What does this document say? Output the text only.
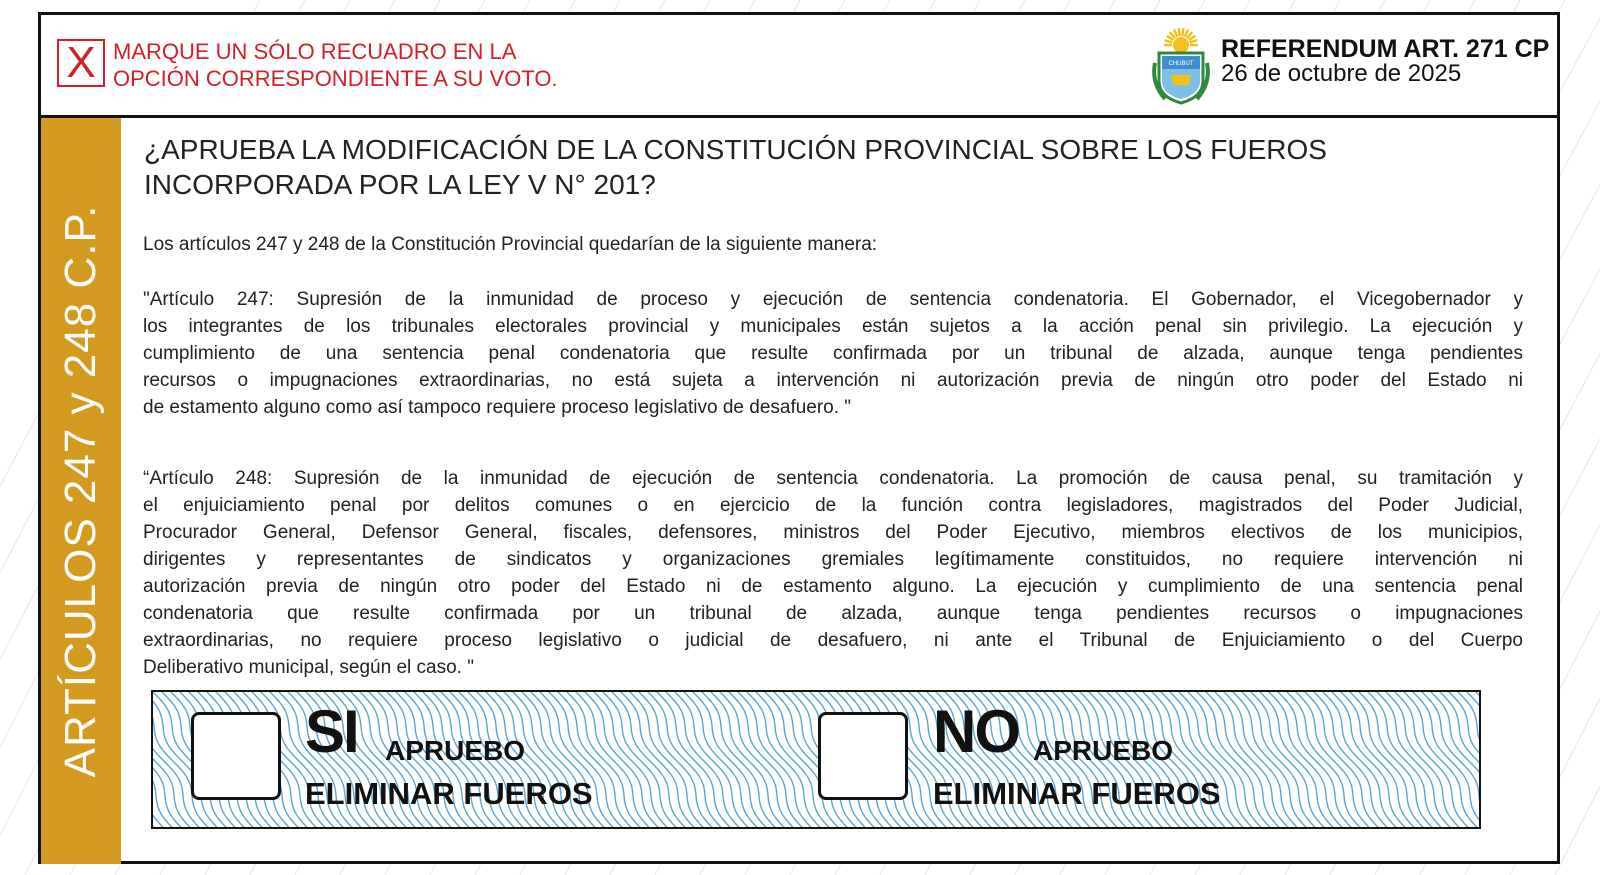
X MARQUE UN SÓLO RECUADRO EN LA
OPCIÓN CORRESPONDIENTE A SU VOTO.
CHUBUT
REFERENDUM ART. 271 CP
26 de octubre de 2025
ARTÍCULOS 247 y 248 C.P.
¿APRUEBA LA MODIFICACIÓN DE LA CONSTITUCIÓN PROVINCIAL SOBRE LOS FUEROS
INCORPORADA POR LA LEY V N° 201?
Los artículos 247 y 248 de la Constitución Provincial quedarían de la siguiente manera:
"Artículo 247: Supresión de la inmunidad de proceso y ejecución de sentencia condenatoria. El Gobernador, el Vicegobernador y
los integrantes de los tribunales electorales provincial y municipales están sujetos a la acción penal sin privilegio. La ejecución y
cumplimiento de una sentencia penal condenatoria que resulte confirmada por un tribunal de alzada, aunque tenga pendientes
recursos o impugnaciones extraordinarias, no está sujeta a intervención ni autorización previa de ningún otro poder del Estado ni
de estamento alguno como así tampoco requiere proceso legislativo de desafuero. "
“Artículo 248: Supresión de la inmunidad de ejecución de sentencia condenatoria. La promoción de causa penal, su tramitación y
el enjuiciamiento penal por delitos comunes o en ejercicio de la función contra legisladores, magistrados del Poder Judicial,
Procurador General, Defensor General, fiscales, defensores, ministros del Poder Ejecutivo, miembros electivos de los municipios,
dirigentes y representantes de sindicatos y organizaciones gremiales legítimamente constituidos, no requiere intervención ni
autorización previa de ningún otro poder del Estado ni de estamento alguno. La ejecución y cumplimiento de una sentencia penal
condenatoria que resulte confirmada por un tribunal de alzada, aunque tenga pendientes recursos o impugnaciones
extraordinarias, no requiere proceso legislativo o judicial de desafuero, ni ante el Tribunal de Enjuiciamiento o del Cuerpo
Deliberativo municipal, según el caso. "
SI APRUEBO
ELIMINAR FUEROS
NO APRUEBO
ELIMINAR FUEROS
